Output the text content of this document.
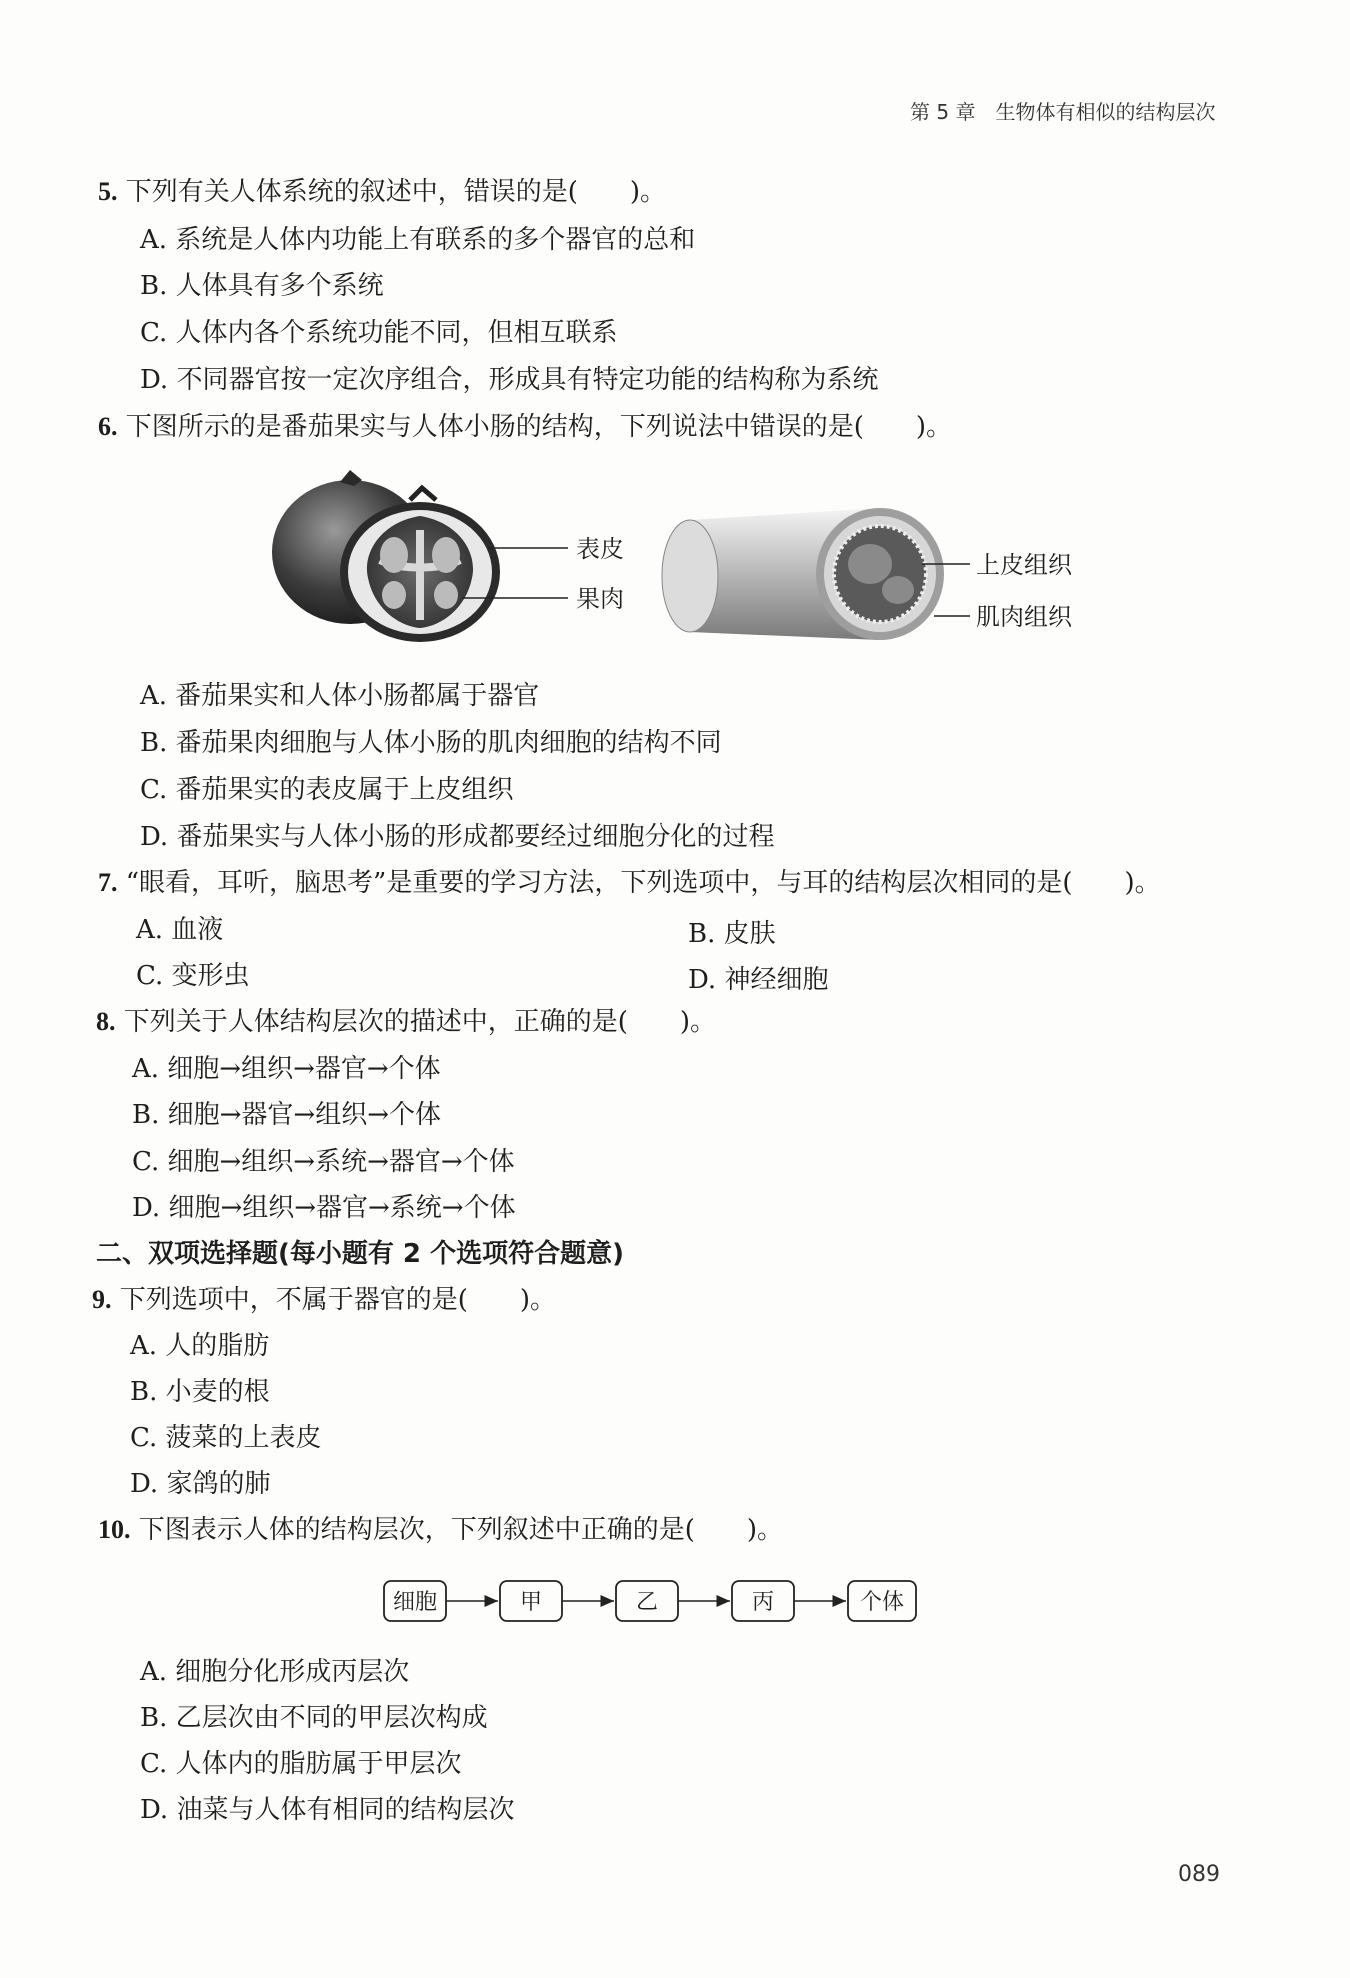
第 5 章　生物体有相似的结构层次
5. 下列有关人体系统的叙述中，错误的是(　　)。
A. 系统是人体内功能上有联系的多个器官的总和
B. 人体具有多个系统
C. 人体内各个系统功能不同，但相互联系
D. 不同器官按一定次序组合，形成具有特定功能的结构称为系统
6. 下图所示的是番茄果实与人体小肠的结构，下列说法中错误的是(　　)。
表皮
果肉
上皮组织
肌肉组织
A. 番茄果实和人体小肠都属于器官
B. 番茄果肉细胞与人体小肠的肌肉细胞的结构不同
C. 番茄果实的表皮属于上皮组织
D. 番茄果实与人体小肠的形成都要经过细胞分化的过程
7. “眼看，耳听，脑思考”是重要的学习方法，下列选项中，与耳的结构层次相同的是(　　)。
A. 血液	B. 皮肤
C. 变形虫	D. 神经细胞
8. 下列关于人体结构层次的描述中，正确的是(　　)。
A. 细胞→组织→器官→个体
B. 细胞→器官→组织→个体
C. 细胞→组织→系统→器官→个体
D. 细胞→组织→器官→系统→个体
二、双项选择题(每小题有 2 个选项符合题意)
9. 下列选项中，不属于器官的是(　　)。
A. 人的脂肪
B. 小麦的根
C. 菠菜的上表皮
D. 家鸽的肺
10. 下图表示人体的结构层次，下列叙述中正确的是(　　)。
细胞	甲	乙	丙	个体
A. 细胞分化形成丙层次
B. 乙层次由不同的甲层次构成
C. 人体内的脂肪属于甲层次
D. 油菜与人体有相同的结构层次
089
